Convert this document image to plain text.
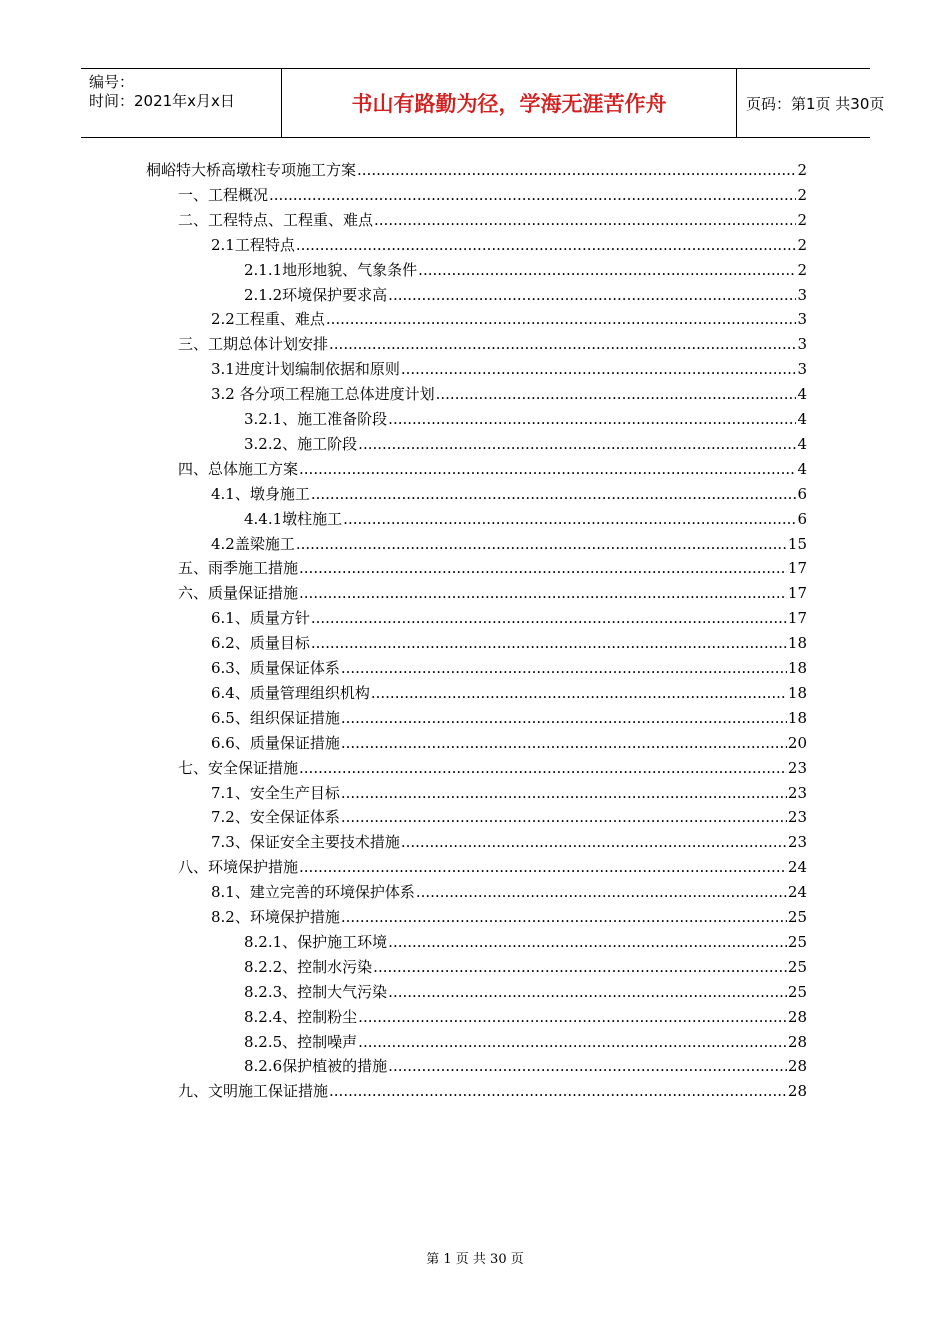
编号：
时间：2021年x月x日	书山有路勤为径，学海无涯苦作舟	页码：第1页 共30页
桐峪特大桥高墩柱专项施工方案 .....	2
一、工程概况 .....	2
二、工程特点、工程重、难点 .....	2
2.1工程特点 .....	2
2.1.1地形地貌、气象条件 .....	2
2.1.2环境保护要求高 .....	3
2.2工程重、难点 .....	3
三、工期总体计划安排 .....	3
3.1进度计划编制依据和原则 .....	3
3.2 各分项工程施工总体进度计划 .....	4
3.2.1、施工准备阶段 .....	4
3.2.2、施工阶段 .....	4
四、总体施工方案 .....	4
4.1、墩身施工 .....	6
4.4.1墩柱施工 .....	6
4.2盖梁施工 .....	15
五、雨季施工措施 .....	17
六、质量保证措施 .....	17
6.1、质量方针 .....	17
6.2、质量目标 .....	18
6.3、质量保证体系 .....	18
6.4、质量管理组织机构 .....	18
6.5、组织保证措施 .....	18
6.6、质量保证措施 .....	20
七、安全保证措施 .....	23
7.1、安全生产目标 .....	23
7.2、安全保证体系 .....	23
7.3、保证安全主要技术措施 .....	23
八、环境保护措施 .....	24
8.1、建立完善的环境保护体系 .....	24
8.2、环境保护措施 .....	25
8.2.1、保护施工环境 .....	25
8.2.2、控制水污染 .....	25
8.2.3、控制大气污染 .....	25
8.2.4、控制粉尘 .....	28
8.2.5、控制噪声 .....	28
8.2.6保护植被的措施 .....	28
九、文明施工保证措施 .....	28
第 1 页 共 30 页
